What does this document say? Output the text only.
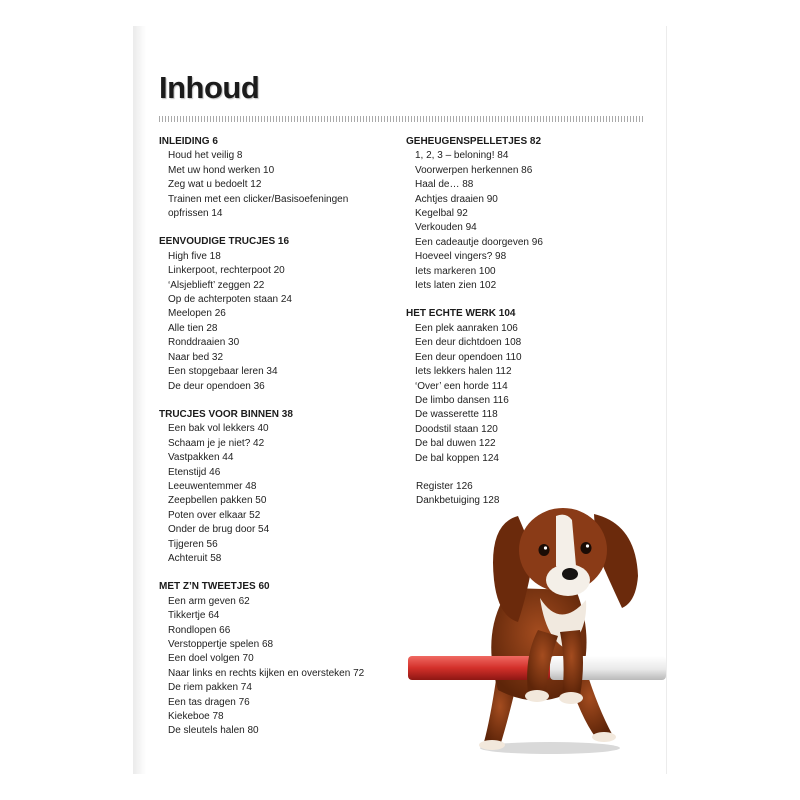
Inhoud
INLEIDING 6

Houd het veilig 8

Met uw hond werken 10

Zeg wat u bedoelt 12

Trainen met een clicker/Basisoefeningen

opfrissen 14

EENVOUDIGE TRUCJES 16

High five 18

Linkerpoot, rechterpoot 20

‘Alsjeblieft’ zeggen 22

Op de achterpoten staan 24

Meelopen 26

Alle tien 28

Ronddraaien 30

Naar bed 32

Een stopgebaar leren 34

De deur opendoen 36

TRUCJES VOOR BINNEN 38

Een bak vol lekkers 40

Schaam je je niet? 42

Vastpakken 44

Etenstijd 46

Leeuwentemmer 48

Zeepbellen pakken 50

Poten over elkaar 52

Onder de brug door 54

Tijgeren 56

Achteruit 58

MET Z’N TWEETJES 60

Een arm geven 62

Tikkertje 64

Rondlopen 66

Verstoppertje spelen 68

Een doel volgen 70

Naar links en rechts kijken en oversteken 72

De riem pakken 74

Een tas dragen 76

Kiekeboe 78

De sleutels halen 80

GEHEUGENSPELLETJES 82

1, 2, 3 – beloning! 84

Voorwerpen herkennen 86

Haal de… 88

Achtjes draaien 90

Kegelbal 92

Verkouden 94

Een cadeautje doorgeven 96

Hoeveel vingers? 98

Iets markeren 100

Iets laten zien 102

HET ECHTE WERK 104

Een plek aanraken 106

Een deur dichtdoen 108

Een deur opendoen 110

Iets lekkers halen 112

‘Over’ een horde 114

De limbo dansen 116

De wasserette 118

Doodstil staan 120

De bal duwen 122

De bal koppen 124

Register 126

Dankbetuiging 128
